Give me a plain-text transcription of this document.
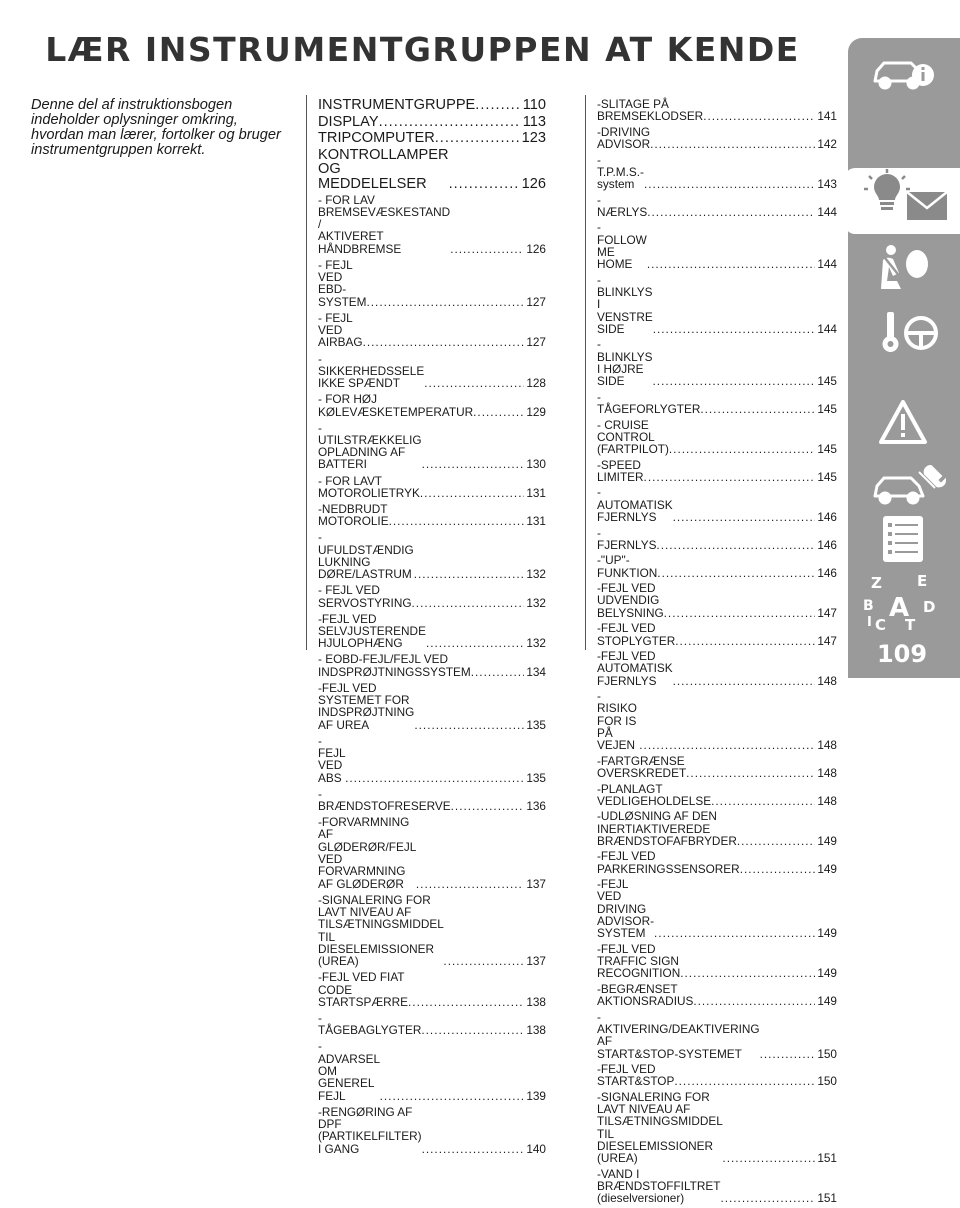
LÆR INSTRUMENTGRUPPEN AT KENDE

Denne del af instruktionsbogen indeholder oplysninger omkring, hvordan man lærer, fortolker og bruger instrumentgruppen korrekt.

INSTRUMENTGRUPPE .....	110
DISPLAY .....	113
TRIPCOMPUTER .....	123
KONTROLLAMPER OG
MEDDELELSER .....	126
- FOR LAV BREMSEVÆSKESTAND /
AKTIVERET HÅNDBREMSE .....	126
- FEJL VED EBD-SYSTEM .....	127
- FEJL VED AIRBAG .....	127
- SIKKERHEDSSELE IKKE SPÆNDT .....	128
- FOR HØJ
KØLEVÆSKETEMPERATUR .....	129
- UTILSTRÆKKELIG OPLADNING AF
BATTERI .....	130
- FOR LAVT MOTOROLIETRYK .....	131
-NEDBRUDT MOTOROLIE .....	131
-UFULDSTÆNDIG LUKNING
DØRE/LASTRUM .....	132
- FEJL VED SERVOSTYRING .....	132
-FEJL VED SELVJUSTERENDE
HJULOPHÆNG .....	132
- EOBD-FEJL/FEJL VED
INDSPRØJTNINGSSYSTEM .....	134
-FEJL VED SYSTEMET FOR
INDSPRØJTNING AF UREA .....	135
- FEJL VED ABS .....	135
-BRÆNDSTOFRESERVE .....	136
-FORVARMNING AF
GLØDERØR/FEJL VED
FORVARMNING AF GLØDERØR .....	137
-SIGNALERING FOR LAVT NIVEAU AF
TILSÆTNINGSMIDDEL TIL
DIESELEMISSIONER (UREA) .....	137
-FEJL VED FIAT CODE
STARTSPÆRRE .....	138
- TÅGEBAGLYGTER .....	138
- ADVARSEL OM GENEREL FEJL .....	139
-RENGØRING AF DPF
(PARTIKELFILTER) I GANG .....	140
-SLITAGE PÅ BREMSEKLODSER .....	141
-DRIVING ADVISOR .....	142
- T.P.M.S.-system .....	143
- NÆRLYS .....	144
- FOLLOW ME HOME .....	144
- BLINKLYS I VENSTRE SIDE .....	144
- BLINKLYS I HØJRE SIDE .....	145
-TÅGEFORLYGTER .....	145
- CRUISE CONTROL (FARTPILOT) .....	145
-SPEED LIMITER .....	145
- AUTOMATISK FJERNLYS .....	146
- FJERNLYS .....	146
-"UP"-FUNKTION .....	146
-FEJL VED UDVENDIG BELYSNING .....	147
-FEJL VED STOPLYGTER .....	147
-FEJL VED AUTOMATISK FJERNLYS .....	148
-RISIKO FOR IS PÅ VEJEN .....	148
-FARTGRÆNSE OVERSKREDET .....	148
-PLANLAGT VEDLIGEHOLDELSE .....	148
-UDLØSNING AF DEN
INERTIAKTIVEREDE
BRÆNDSTOFAFBRYDER .....	149
-FEJL VED
PARKERINGSSENSORER .....	149
-FEJL VED DRIVING
ADVISOR-SYSTEM .....	149
-FEJL VED TRAFFIC SIGN
RECOGNITION .....	149
-BEGRÆNSET AKTIONSRADIUS .....	149
-AKTIVERING/DEAKTIVERING AF
START&STOP-SYSTEMET .....	150
-FEJL VED START&STOP .....	150
-SIGNALERING FOR LAVT NIVEAU AF
TILSÆTNINGSMIDDEL TIL
DIESELEMISSIONER (UREA) .....	151
-VAND I BRÆNDSTOFFILTRET
(dieselversioner) .....	151
Z E
B A D
C T
I
109
